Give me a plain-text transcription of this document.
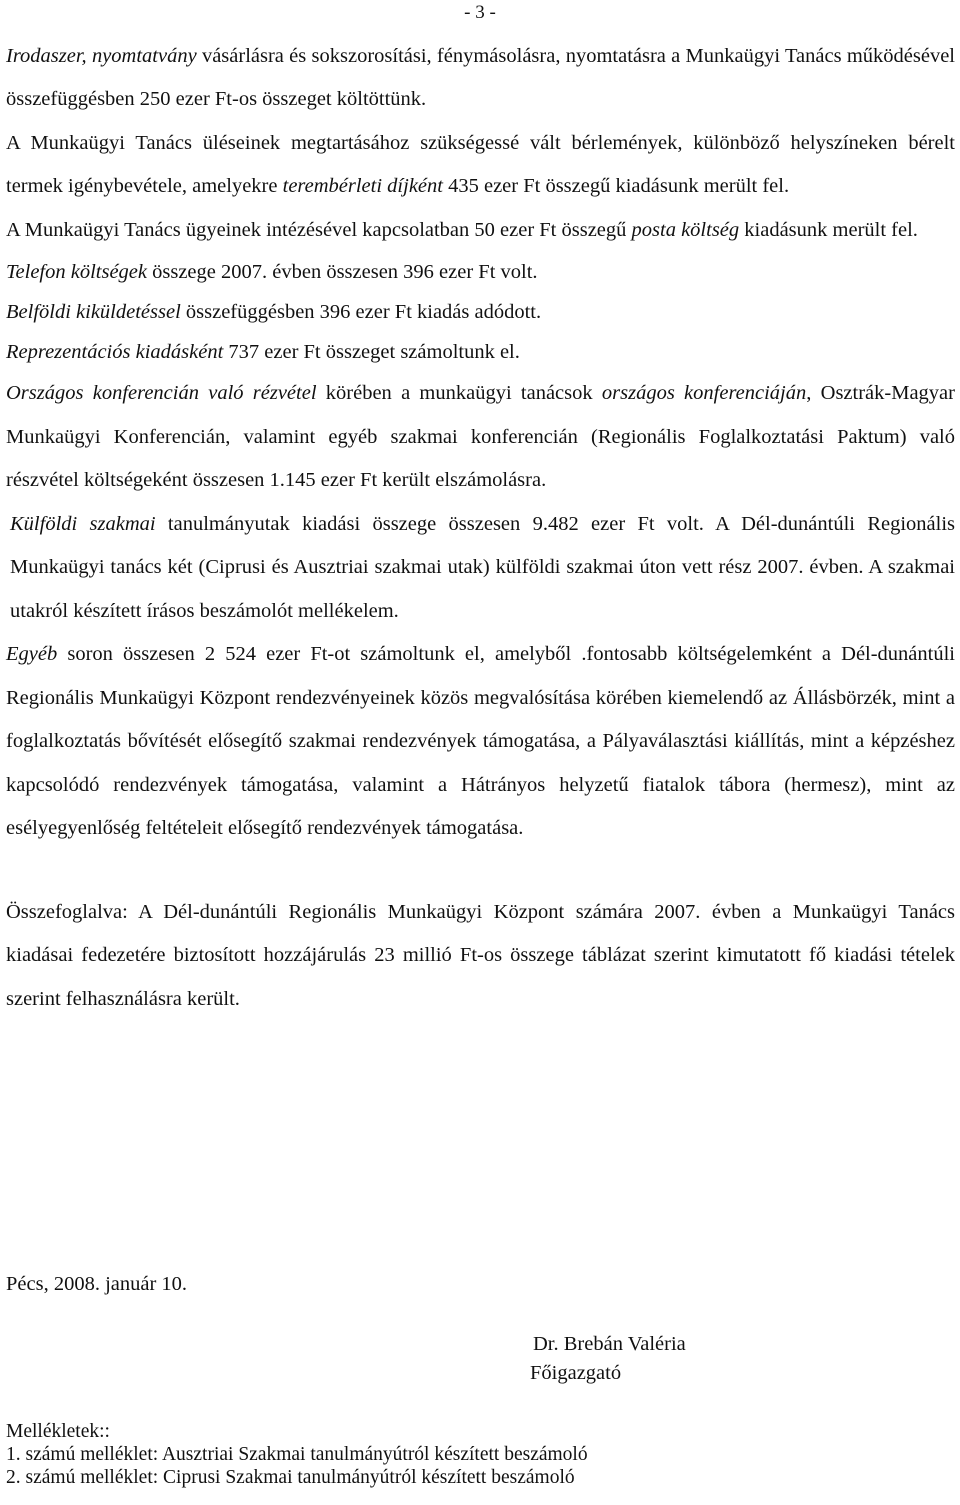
- 3 -

Irodaszer, nyomtatvány vásárlásra és sokszorosítási, fénymásolásra, nyomtatásra a Munkaügyi Tanács működésével összefüggésben 250 ezer Ft-os összeget költöttünk.

A Munkaügyi Tanács üléseinek megtartásához szükségessé vált bérlemények, különböző helyszíneken bérelt termek igénybevétele, amelyekre terembérleti díjként 435 ezer Ft összegű kiadásunk merült fel.

A Munkaügyi Tanács ügyeinek intézésével kapcsolatban 50 ezer Ft összegű posta költség kiadásunk merült fel.

Telefon költségek összege 2007. évben összesen 396 ezer Ft volt.

Belföldi kiküldetéssel összefüggésben 396 ezer Ft kiadás adódott.

Reprezentációs kiadásként 737 ezer Ft összeget számoltunk el.

Országos konferencián való rézvétel körében a munkaügyi tanácsok országos konferenciáján, Osztrák-Magyar Munkaügyi Konferencián, valamint egyéb szakmai konferencián (Regionális Foglalkoztatási Paktum) való részvétel költségeként összesen 1.145 ezer Ft került elszámolásra.

Külföldi szakmai tanulmányutak kiadási összege összesen 9.482 ezer Ft volt. A Dél-dunántúli Regionális Munkaügyi tanács két (Ciprusi és Ausztriai szakmai utak) külföldi szakmai úton vett rész 2007. évben. A szakmai utakról készített írásos beszámolót mellékelem.

Egyéb soron összesen 2 524 ezer Ft-ot számoltunk el, amelyből .fontosabb költségelemként a Dél-dunántúli Regionális Munkaügyi Központ rendezvényeinek közös megvalósítása körében kiemelendő az Állásbörzék, mint a foglalkoztatás bővítését elősegítő szakmai rendezvények támogatása, a Pályaválasztási kiállítás, mint a képzéshez kapcsolódó rendezvények támogatása, valamint a Hátrányos helyzetű fiatalok tábora (hermesz), mint az esélyegyenlőség feltételeit elősegítő rendezvények támogatása.

Összefoglalva: A Dél-dunántúli Regionális Munkaügyi Központ számára 2007. évben a Munkaügyi Tanács kiadásai fedezetére biztosított hozzájárulás 23 millió Ft-os összege táblázat szerint kimutatott fő kiadási tételek szerint felhasználásra került.

Pécs, 2008. január 10.
Dr. Brebán Valéria
Főigazgató
Mellékletek::
1. számú melléklet: Ausztriai Szakmai tanulmányútról készített beszámoló
2. számú melléklet: Ciprusi Szakmai tanulmányútról készített beszámoló
